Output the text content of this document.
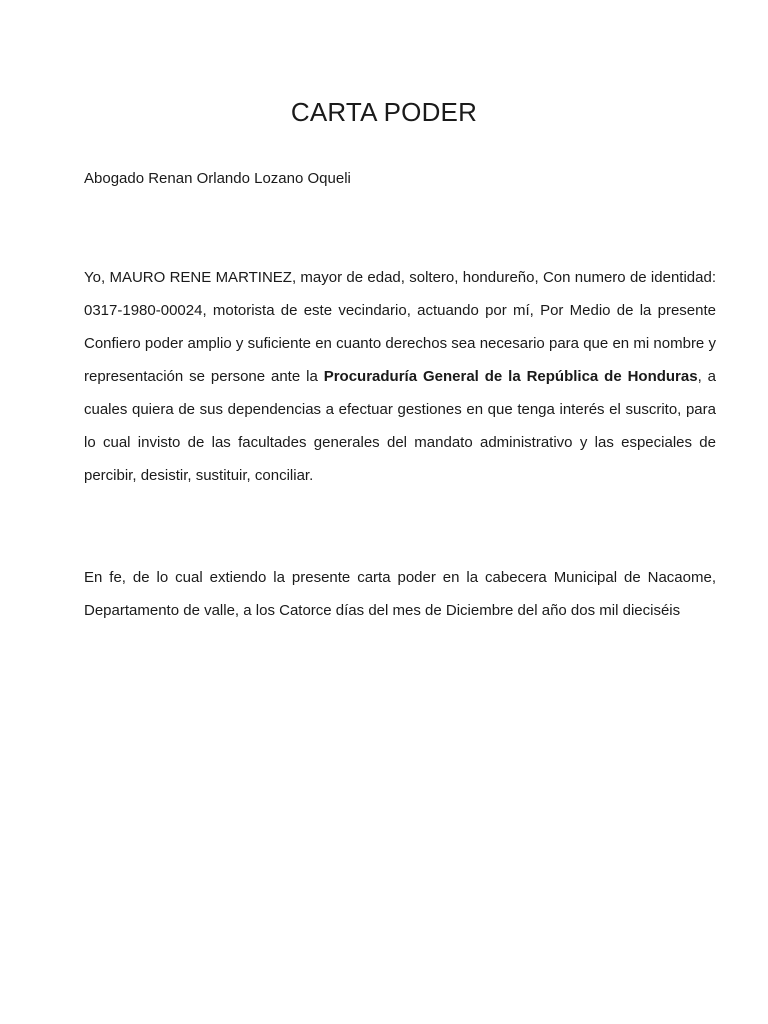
CARTA PODER
Abogado Renan Orlando Lozano Oqueli

Yo, MAURO RENE MARTINEZ, mayor de edad, soltero, hondureño, Con numero de identidad: 0317-1980-00024, motorista de este vecindario, actuando por mí, Por Medio de la presente Confiero poder amplio y suficiente en cuanto derechos sea necesario para que en mi nombre y representación se persone ante la Procuraduría General de la República de Honduras, a cuales quiera de sus dependencias a efectuar gestiones en que tenga interés el suscrito, para lo cual invisto de las facultades generales del mandato administrativo y las especiales de percibir, desistir, sustituir, conciliar.

En fe, de lo cual extiendo la presente carta poder en la cabecera Municipal de Nacaome, Departamento de valle, a los Catorce días del mes de Diciembre del año dos mil dieciséis
